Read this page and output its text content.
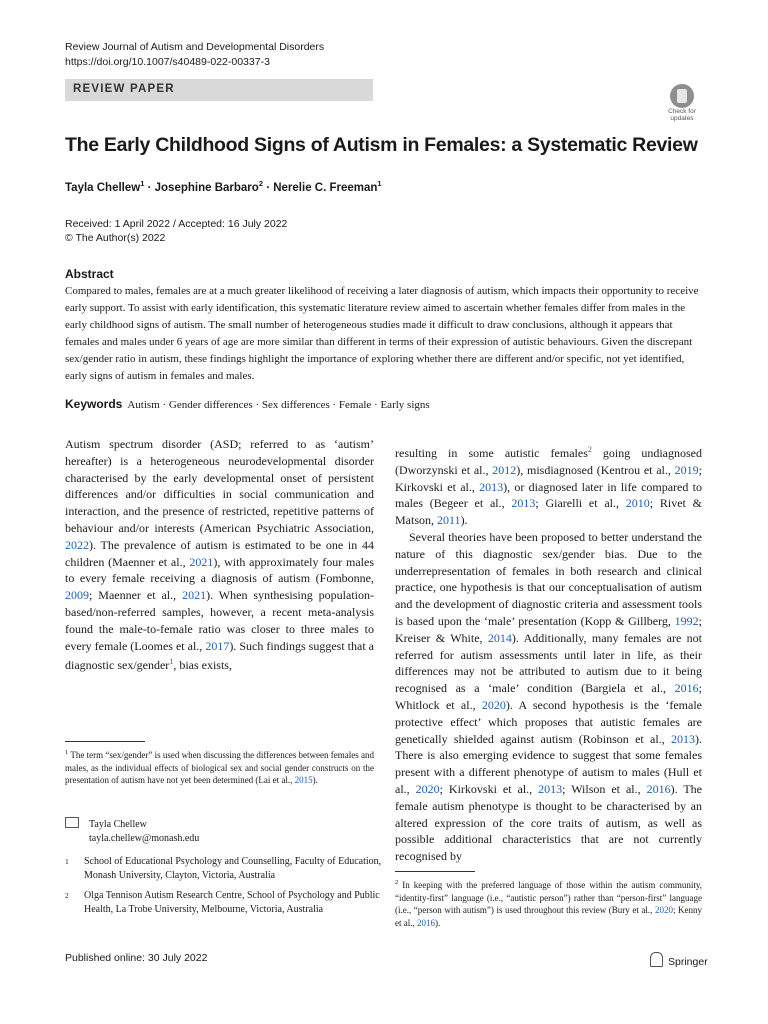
Review Journal of Autism and Developmental Disorders
https://doi.org/10.1007/s40489-022-00337-3
REVIEW PAPER
Check for updates
The Early Childhood Signs of Autism in Females: a Systematic Review
Tayla Chellew$^1$ · Josephine Barbaro$^2$ · Nerelie C. Freeman$^1$
Received: 1 April 2022 / Accepted: 16 July 2022
© The Author(s) 2022
Abstract
Compared to males, females are at a much greater likelihood of receiving a later diagnosis of autism, which impacts their opportunity to receive early support. To assist with early identification, this systematic literature review aimed to ascertain whether females differ from males in the early childhood signs of autism. The small number of heterogeneous studies made it difficult to draw conclusions, although it appears that females and males under 6 years of age are more similar than different in terms of their expression of autistic behaviours. Given the discrepant sex/gender ratio in autism, these findings highlight the importance of exploring whether there are different and/or specific, not yet identified, early signs of autism in females and males.
Keywords Autism · Gender differences · Sex differences · Female · Early signs
Autism spectrum disorder (ASD; referred to as ‘autism’ hereafter) is a heterogeneous neurodevelopmental disorder characterised by the early developmental onset of persistent differences and/or difficulties in social communication and interaction, and the presence of restricted, repetitive patterns of behaviour and/or interests (American Psychiatric Association, 2022). The prevalence of autism is estimated to be one in 44 children (Maenner et al., 2021), with approximately four males to every female receiving a diagnosis of autism (Fombonne, 2009; Maenner et al., 2021). When synthesising population-based/non-referred samples, however, a recent meta-analysis found the male-to-female ratio was closer to three males to every female (Loomes et al., 2017). Such findings suggest that a diagnostic sex/gender$^1$, bias exists,

resulting in some autistic females$^2$ going undiagnosed (Dworzynski et al., 2012), misdiagnosed (Kentrou et al., 2019; Kirkovski et al., 2013), or diagnosed later in life compared to males (Begeer et al., 2013; Giarelli et al., 2010; Rivet & Matson, 2011).

Several theories have been proposed to better understand the nature of this diagnostic sex/gender bias. Due to the underrepresentation of females in both research and clinical practice, one hypothesis is that our conceptualisation of autism and the development of diagnostic criteria and assessment tools is based upon the ‘male’ presentation (Kopp & Gillberg, 1992; Kreiser & White, 2014). Additionally, many females are not referred for autism assessments until later in life, as their differences may not be attributed to autism due to it being recognised as a ‘male’ condition (Bargiela et al., 2016; Whitlock et al., 2020). A second hypothesis is the ‘female protective effect’ which proposes that autistic females are genetically shielded against autism (Robinson et al., 2013). There is also emerging evidence to suggest that some females present with a different phenotype of autism to males (Hull et al., 2020; Kirkovski et al., 2013; Wilson et al., 2016). The female autism phenotype is thought to be characterised by an altered expression of the core traits of autism, as well as possible additional characteristics that are not currently recognised by

$^1$ The term “sex/gender” is used when discussing the differences between females and males, as the individual effects of biological sex and social gender constructs on the presentation of autism have not yet been determined (Lai et al., 2015).
Tayla Chellew
tayla.chellew@monash.edu
1 School of Educational Psychology and Counselling, Faculty of Education, Monash University, Clayton, Victoria, Australia
2 Olga Tennison Autism Research Centre, School of Psychology and Public Health, La Trobe University, Melbourne, Victoria, Australia
$^2$ In keeping with the preferred language of those within the autism community, “identity-first” language (i.e., “autistic person”) rather than “person-first” language (i.e., “person with autism”) is used throughout this review (Bury et al., 2020; Kenny et al., 2016).
Published online: 30 July 2022	Springer
